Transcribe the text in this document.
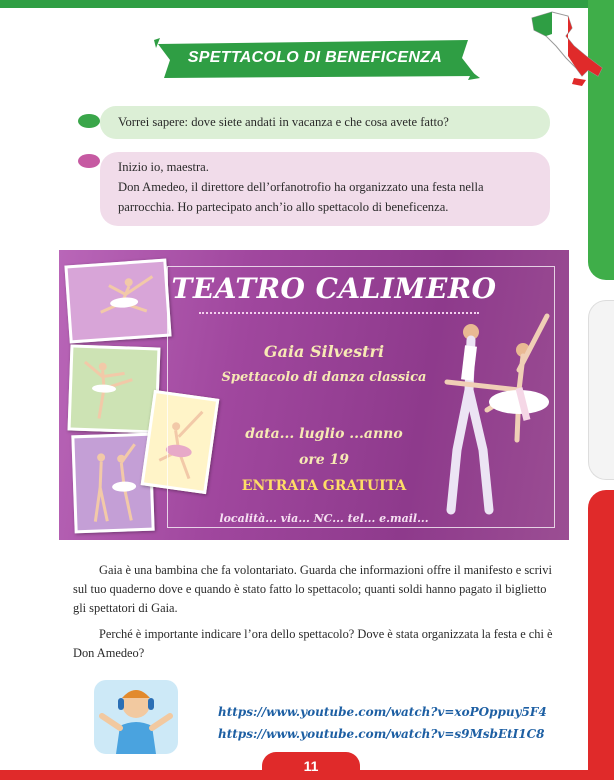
SPETTACOLO DI BENEFICENZA
Vorrei sapere: dove siete andati in vacanza e che cosa avete fatto?

Inizio io, maestra.

Don Amedeo, il direttore dell’orfanotrofio ha organizzato una festa nella parrocchia. Ho partecipato anch’io allo spettacolo di beneficenza.

TEATRO CALIMERO
Gaia Silvestri
Spettacolo di danza classica
data... luglio ...anno
ore 19
ENTRATA GRATUITA
località... via... NC... tel... e.mail...
Gaia è una bambina che fa volontariato. Guarda che informazioni offre il manifesto e scrivi sul tuo quaderno dove e quando è stato fatto lo spettacolo; quanti soldi hanno pagato il biglietto gli spettatori di Gaia.
Perché è importante indicare l’ora dello spettacolo? Dove è stata organizzata la festa e chi è Don Amedeo?
https://www.youtube.com/watch?v=xoPOppuy5F4
https://www.youtube.com/watch?v=s9MsbEtI1C8
11
